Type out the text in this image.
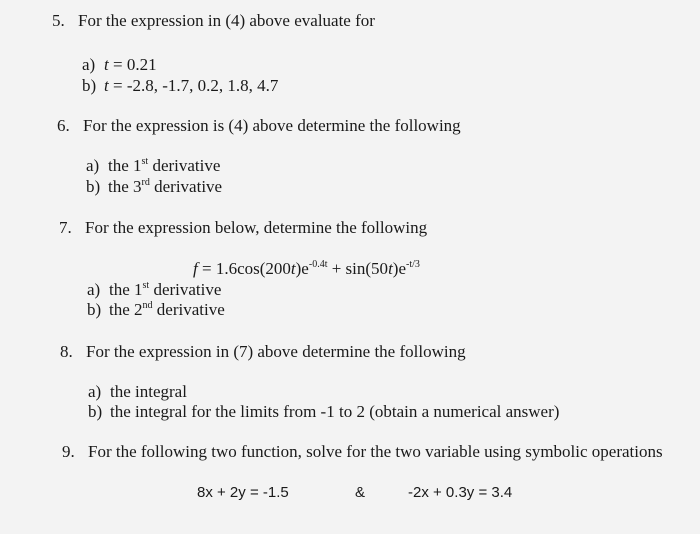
5. For the expression in (4) above evaluate for
a) t = 0.21
b) t = -2.8, -1.7, 0.2, 1.8, 4.7
6. For the expression is (4) above determine the following
a) the 1st derivative
b) the 3rd derivative
7. For the expression below, determine the following
$f = 1.6\cos(200t)e^{-0.4t} + \sin(50t)e^{-t/3}$
a) the 1st derivative
b) the 2nd derivative
8. For the expression in (7) above determine the following
a) the integral
b) the integral for the limits from -1 to 2 (obtain a numerical answer)
9. For the following two function, solve for the two variable using symbolic operations
8x + 2y = -1.5	&	-2x + 0.3y = 3.4
